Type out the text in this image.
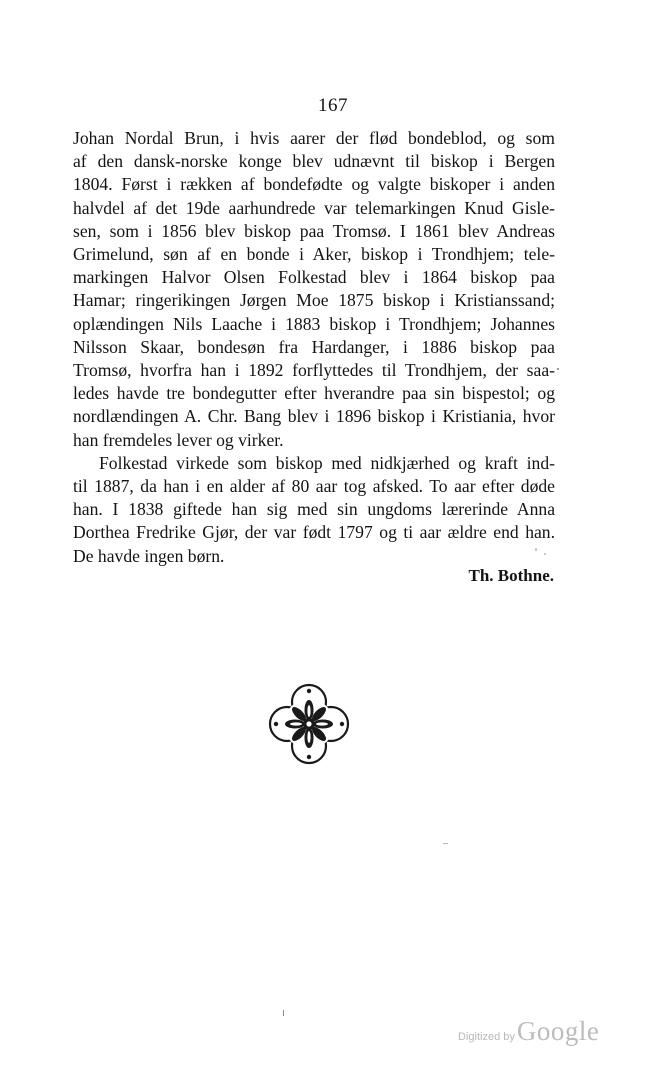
167

Johan Nordal Brun, i hvis aarer der flød bondeblod, og som
af den dansk-norske konge blev udnævnt til biskop i Bergen
1804. Først i rækken af bondefødte og valgte biskoper i anden
halvdel af det 19de aarhundrede var telemarkingen Knud Gisle-
sen, som i 1856 blev biskop paa Tromsø. I 1861 blev Andreas
Grimelund, søn af en bonde i Aker, biskop i Trondhjem; tele-
markingen Halvor Olsen Folkestad blev i 1864 biskop paa
Hamar; ringerikingen Jørgen Moe 1875 biskop i Kristianssand;
oplændingen Nils Laache i 1883 biskop i Trondhjem; Johannes
Nilsson Skaar, bondesøn fra Hardanger, i 1886 biskop paa
Tromsø, hvorfra han i 1892 forflyttedes til Trondhjem, der saa-
ledes havde tre bondegutter efter hverandre paa sin bispestol; og
nordlændingen A. Chr. Bang blev i 1896 biskop i Kristiania, hvor
han fremdeles lever og virker.

Folkestad virkede som biskop med nidkjærhed og kraft ind-
til 1887, da han i en alder af 80 aar tog afsked. To aar efter døde
han. I 1838 giftede han sig med sin ungdoms lærerinde Anna
Dorthea Fredrike Gjør, der var født 1797 og ti aar ældre end han.
De havde ingen børn.

Th. Bothne.
Digitized by Google
